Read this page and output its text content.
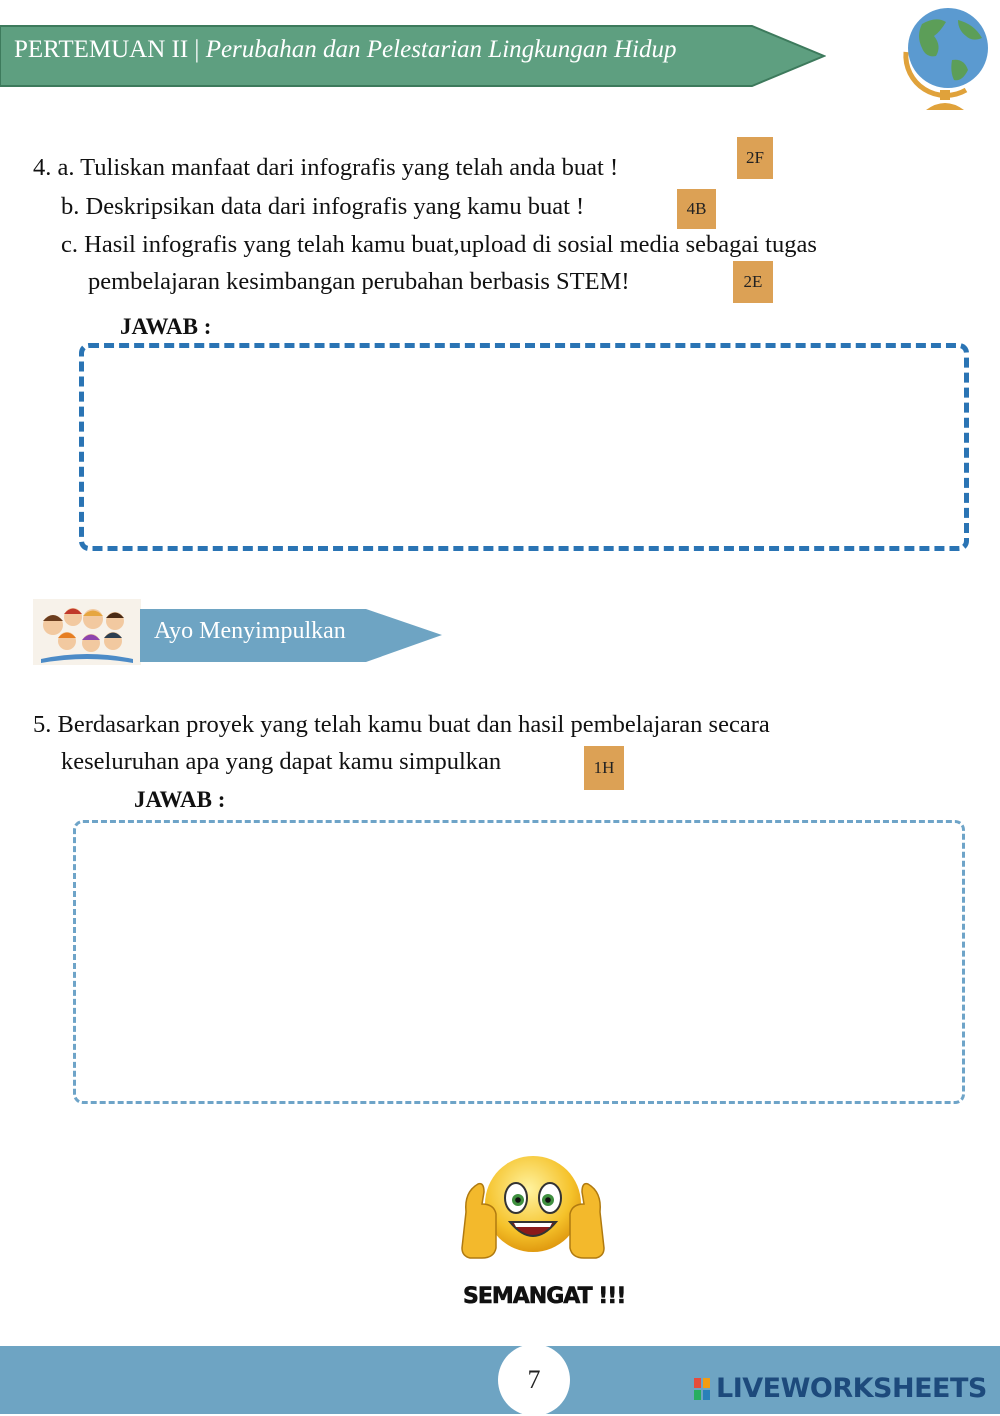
PERTEMUAN II | Perubahan dan Pelestarian Lingkungan Hidup
4. a. Tuliskan manfaat dari infografis yang telah anda buat !	2F
b. Deskripsikan data dari infografis yang kamu buat !	4B
c. Hasil infografis yang telah kamu buat,upload di sosial media sebagai tugas
pembelajaran kesimbangan perubahan berbasis STEM!	2E
JAWAB :
Ayo Menyimpulkan
5. Berdasarkan proyek yang telah kamu buat dan hasil pembelajaran secara
keseluruhan apa yang dapat kamu simpulkan	1H
JAWAB :
SEMANGAT !!!
7	LIVEWORKSHEETS
